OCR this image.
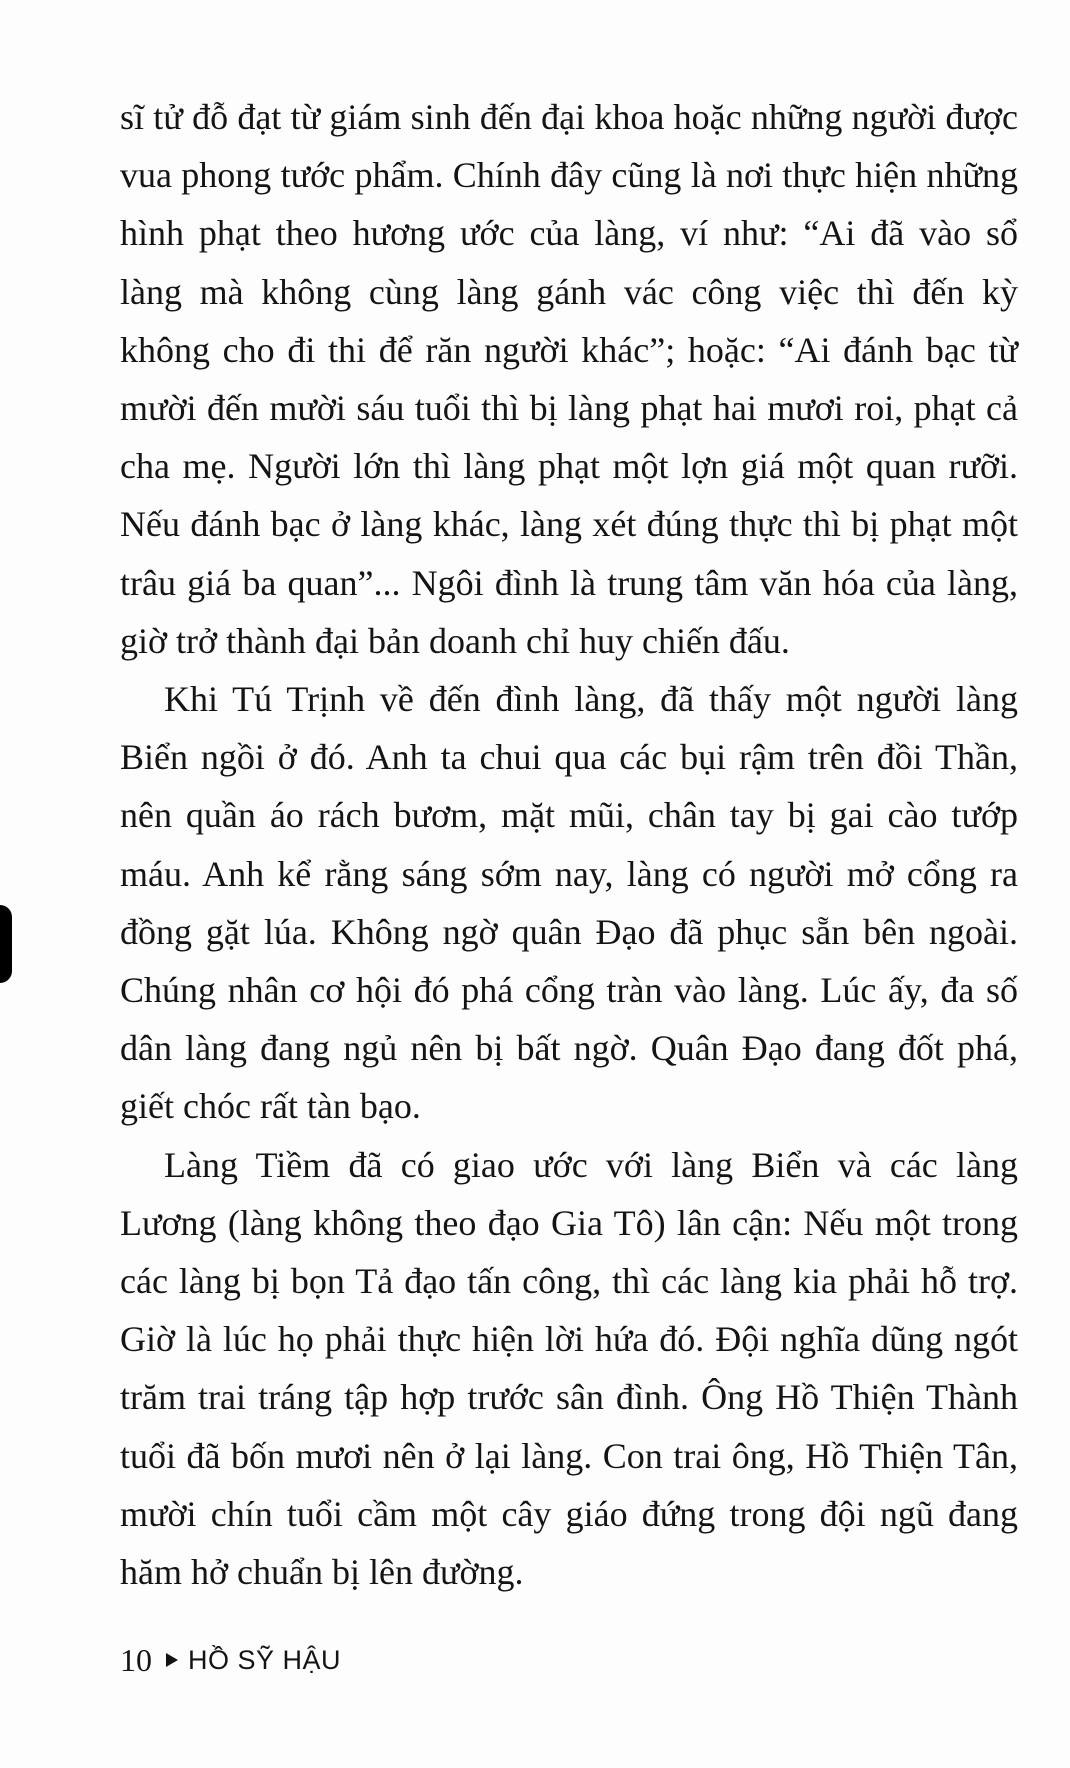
sĩ tử đỗ đạt từ giám sinh đến đại khoa hoặc những người được vua phong tước phẩm. Chính đây cũng là nơi thực hiện những hình phạt theo hương ước của làng, ví như: “Ai đã vào sổ làng mà không cùng làng gánh vác công việc thì đến kỳ không cho đi thi để răn người khác”; hoặc: “Ai đánh bạc từ mười đến mười sáu tuổi thì bị làng phạt hai mươi roi, phạt cả cha mẹ. Người lớn thì làng phạt một lợn giá một quan rưỡi. Nếu đánh bạc ở làng khác, làng xét đúng thực thì bị phạt một trâu giá ba quan”... Ngôi đình là trung tâm văn hóa của làng, giờ trở thành đại bản doanh chỉ huy chiến đấu.

Khi Tú Trịnh về đến đình làng, đã thấy một người làng Biển ngồi ở đó. Anh ta chui qua các bụi rậm trên đồi Thần, nên quần áo rách bươm, mặt mũi, chân tay bị gai cào tướp máu. Anh kể rằng sáng sớm nay, làng có người mở cổng ra đồng gặt lúa. Không ngờ quân Đạo đã phục sẵn bên ngoài. Chúng nhân cơ hội đó phá cổng tràn vào làng. Lúc ấy, đa số dân làng đang ngủ nên bị bất ngờ. Quân Đạo đang đốt phá, giết chóc rất tàn bạo.

Làng Tiềm đã có giao ước với làng Biển và các làng Lương (làng không theo đạo Gia Tô) lân cận: Nếu một trong các làng bị bọn Tả đạo tấn công, thì các làng kia phải hỗ trợ. Giờ là lúc họ phải thực hiện lời hứa đó. Đội nghĩa dũng ngót trăm trai tráng tập hợp trước sân đình. Ông Hồ Thiện Thành tuổi đã bốn mươi nên ở lại làng. Con trai ông, Hồ Thiện Tân, mười chín tuổi cầm một cây giáo đứng trong đội ngũ đang hăm hở chuẩn bị lên đường.

10 HỒ SỸ HẬU
